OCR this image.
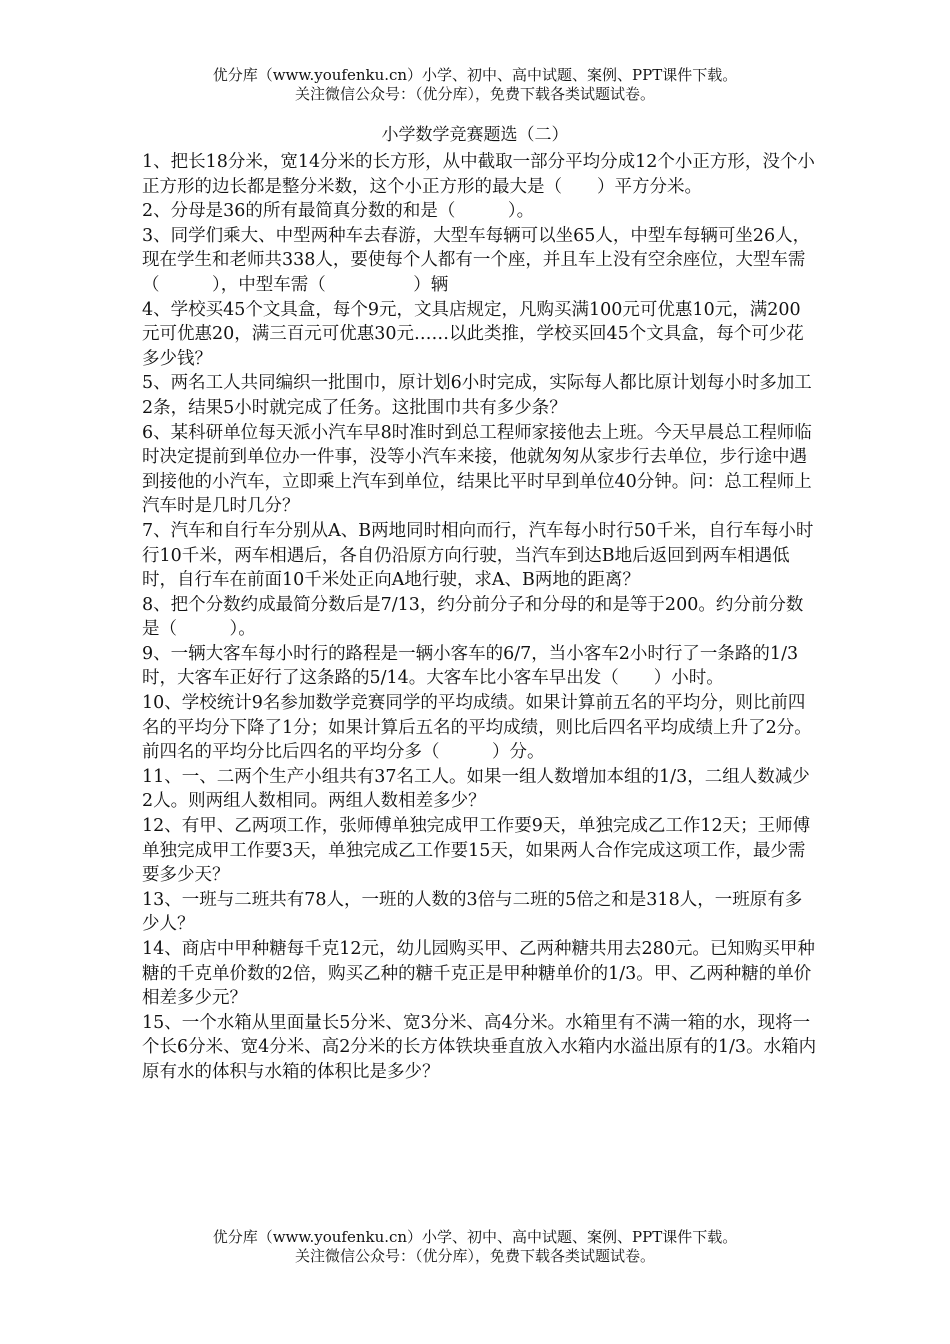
优分库（www.youfenku.cn）小学、初中、高中试题、案例、PPT课件下载。
关注微信公众号：（优分库），免费下载各类试题试卷。
小学数学竞赛题选（二）

1、把长18分米，宽14分米的长方形，从中截取一部分平均分成12个小正方形，没个小正方形的边长都是整分米数，这个小正方形的最大是（　　）平方分米。

2、分母是36的所有最简真分数的和是（　　　）。

3、同学们乘大、中型两种车去春游，大型车每辆可以坐65人，中型车每辆可坐26人，现在学生和老师共338人，要使每个人都有一个座，并且车上没有空余座位，大型车需（　　　），中型车需（　　　　　）辆

4、学校买45个文具盒，每个9元，文具店规定，凡购买满100元可优惠10元，满200元可优惠20，满三百元可优惠30元……以此类推，学校买回45个文具盒，每个可少花多少钱？

5、两名工人共同编织一批围巾，原计划6小时完成，实际每人都比原计划每小时多加工2条，结果5小时就完成了任务。这批围巾共有多少条？

6、某科研单位每天派小汽车早8时准时到总工程师家接他去上班。今天早晨总工程师临时决定提前到单位办一件事，没等小汽车来接，他就匆匆从家步行去单位，步行途中遇到接他的小汽车，立即乘上汽车到单位，结果比平时早到单位40分钟。问：总工程师上汽车时是几时几分？

7、汽车和自行车分别从A、B两地同时相向而行，汽车每小时行50千米，自行车每小时行10千米，两车相遇后，各自仍沿原方向行驶，当汽车到达B地后返回到两车相遇低时，自行车在前面10千米处正向A地行驶，求A、B两地的距离？

8、把个分数约成最简分数后是7/13，约分前分子和分母的和是等于200。约分前分数是（　　　）。

9、一辆大客车每小时行的路程是一辆小客车的6/7，当小客车2小时行了一条路的1/3时，大客车正好行了这条路的5/14。大客车比小客车早出发（　　）小时。

10、学校统计9名参加数学竞赛同学的平均成绩。如果计算前五名的平均分，则比前四名的平均分下降了1分；如果计算后五名的平均成绩，则比后四名平均成绩上升了2分。前四名的平均分比后四名的平均分多（　　　）分。

11、一、二两个生产小组共有37名工人。如果一组人数增加本组的1/3，二组人数减少2人。则两组人数相同。两组人数相差多少？

12、有甲、乙两项工作，张师傅单独完成甲工作要9天，单独完成乙工作12天；王师傅单独完成甲工作要3天，单独完成乙工作要15天，如果两人合作完成这项工作，最少需要多少天？

13、一班与二班共有78人，一班的人数的3倍与二班的5倍之和是318人，一班原有多少人？

14、商店中甲种糖每千克12元，幼儿园购买甲、乙两种糖共用去280元。已知购买甲种糖的千克单价数的2倍，购买乙种的糖千克正是甲种糖单价的1/3。甲、乙两种糖的单价相差多少元？

15、一个水箱从里面量长5分米、宽3分米、高4分米。水箱里有不满一箱的水，现将一个长6分米、宽4分米、高2分米的长方体铁块垂直放入水箱内水溢出原有的1/3。水箱内原有水的体积与水箱的体积比是多少？

优分库（www.youfenku.cn）小学、初中、高中试题、案例、PPT课件下载。
关注微信公众号：（优分库），免费下载各类试题试卷。
